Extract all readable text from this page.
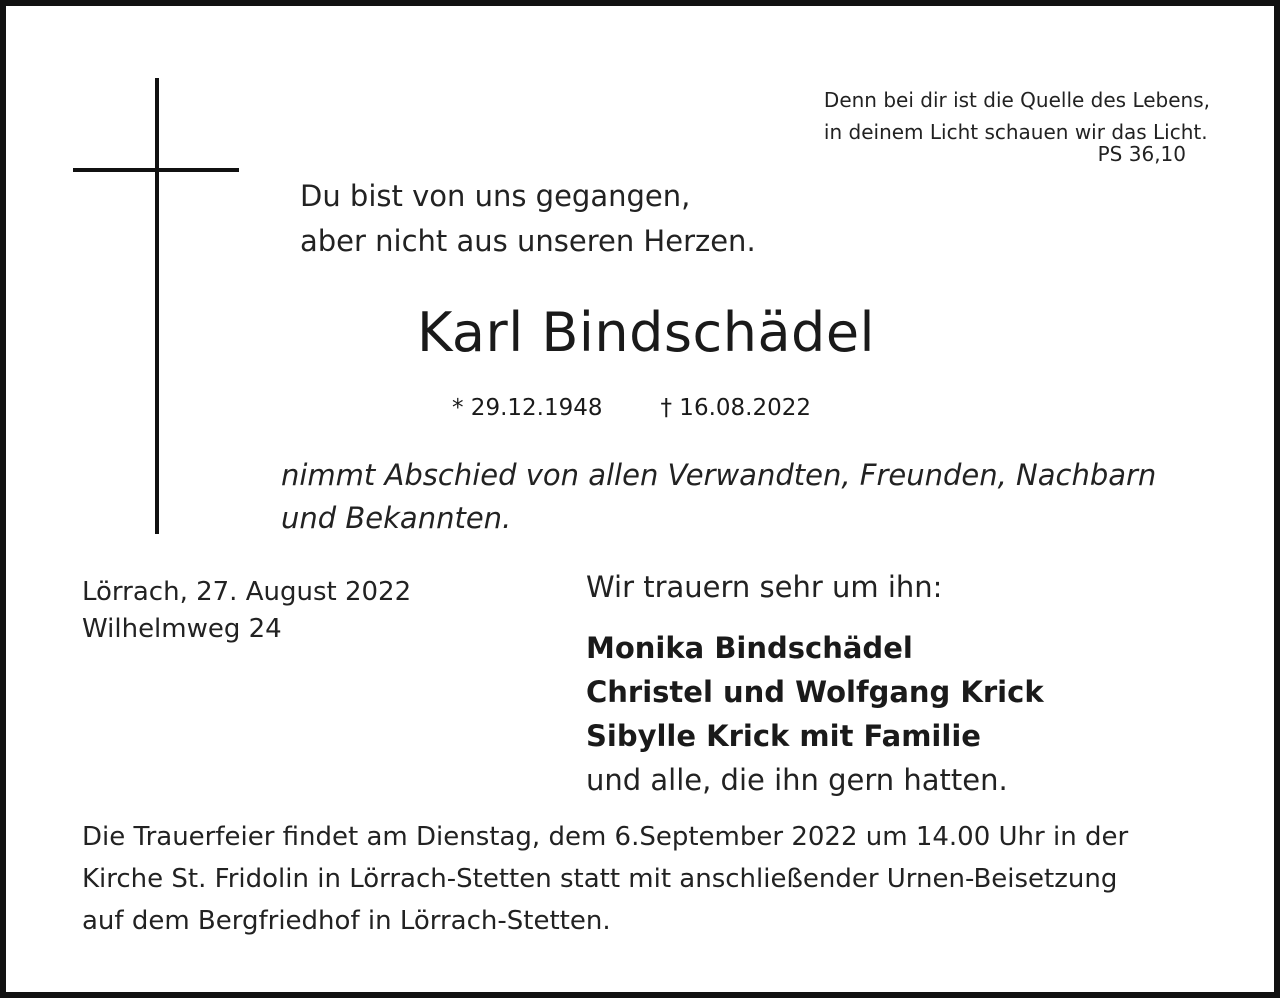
Denn bei dir ist die Quelle des Lebens,
in deinem Licht schauen wir das Licht.
PS 36,10
Du bist von uns gegangen,
aber nicht aus unseren Herzen.
Karl Bindschädel
* 29.12.1948	† 16.08.2022
nimmt Abschied von allen Verwandten, Freunden, Nachbarn
und Bekannten.
Lörrach, 27. August 2022
Wilhelmweg 24
Wir trauern sehr um ihn:
Monika Bindschädel
Christel und Wolfgang Krick
Sibylle Krick mit Familie
und alle, die ihn gern hatten.
Die Trauerfeier findet am Dienstag, dem 6.September 2022 um 14.00 Uhr in der
Kirche St. Fridolin in Lörrach-Stetten statt mit anschließender Urnen-Beisetzung
auf dem Bergfriedhof in Lörrach-Stetten.
